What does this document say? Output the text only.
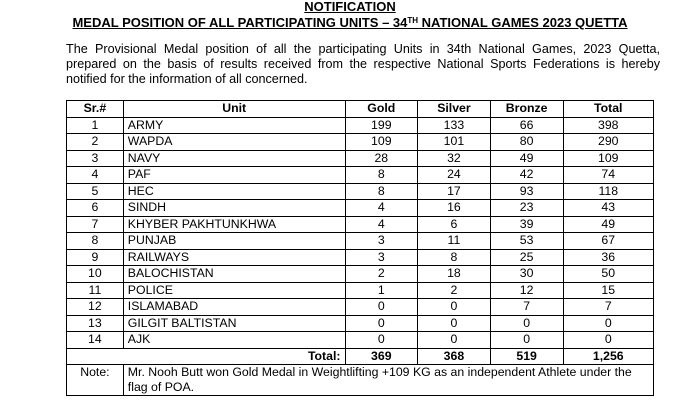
NOTIFICATION
MEDAL POSITION OF ALL PARTICIPATING UNITS – 34TH NATIONAL GAMES 2023 QUETTA

The Provisional Medal position of all the participating Units in 34th National Games, 2023 Quetta, prepared on the basis of results received from the respective National Sports Federations is hereby notified for the information of all concerned.

Sr.#	Unit	Gold	Silver	Bronze	Total
1	ARMY	199	133	66	398
2	WAPDA	109	101	80	290
3	NAVY	28	32	49	109
4	PAF	8	24	42	74
5	HEC	8	17	93	118
6	SINDH	4	16	23	43
7	KHYBER PAKHTUNKHWA	4	6	39	49
8	PUNJAB	3	11	53	67
9	RAILWAYS	3	8	25	36
10	BALOCHISTAN	2	18	30	50
11	POLICE	1	2	12	15
12	ISLAMABAD	0	0	7	7
13	GILGIT BALTISTAN	0	0	0	0
14	AJK	0	0	0	0
	Total:	369	368	519	1,256
Note:	Mr. Nooh Butt won Gold Medal in Weightlifting +109 KG as an independent Athlete under the flag of POA.				
